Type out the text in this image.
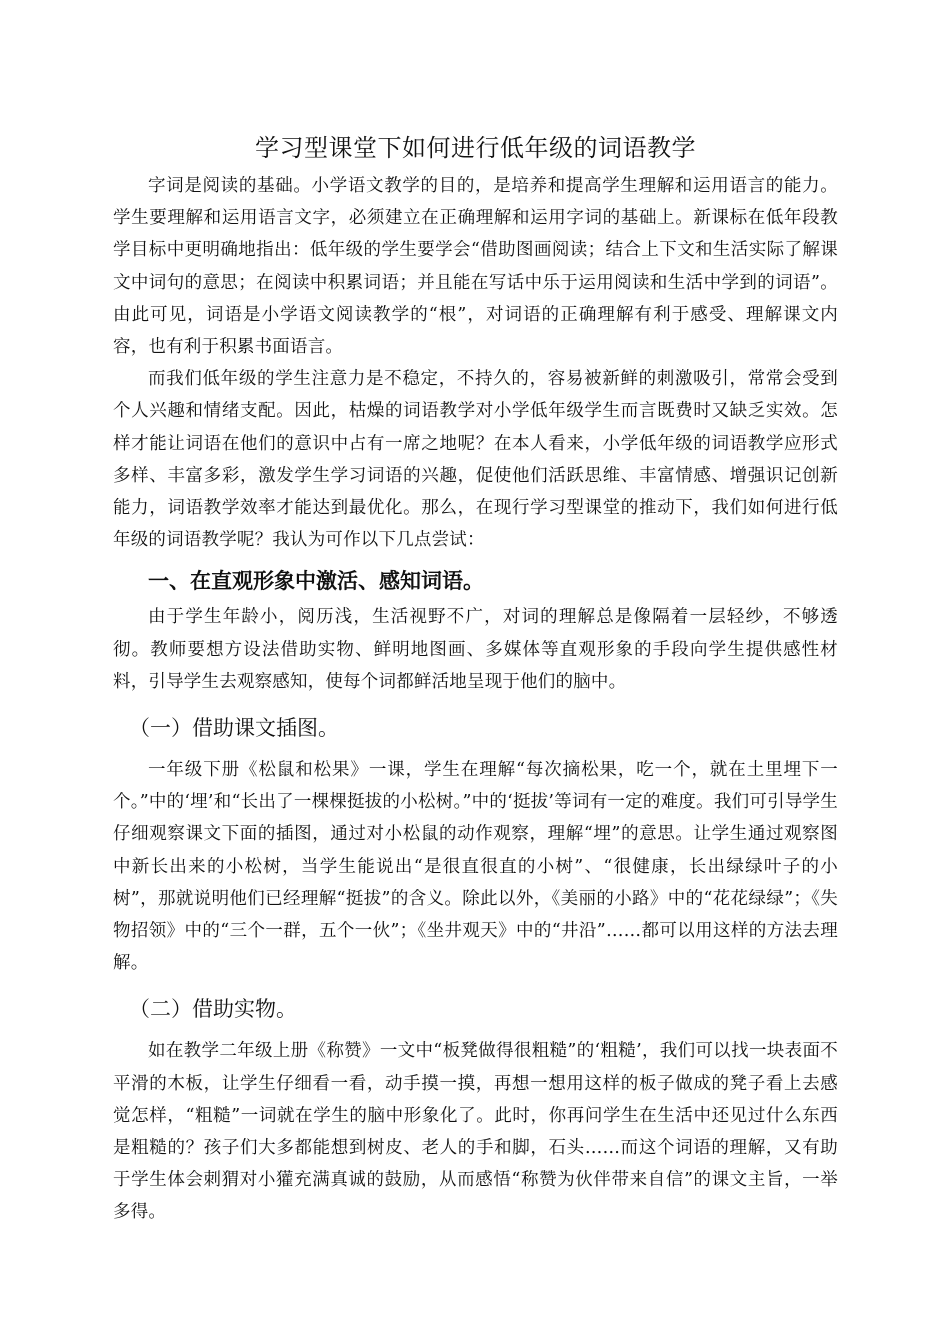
学习型课堂下如何进行低年级的词语教学

字词是阅读的基础。小学语文教学的目的，是培养和提高学生理解和运用语言的能力。学生要理解和运用语言文字，必须建立在正确理解和运用字词的基础上。新课标在低年段教学目标中更明确地指出：低年级的学生要学会“借助图画阅读；结合上下文和生活实际了解课文中词句的意思；在阅读中积累词语；并且能在写话中乐于运用阅读和生活中学到的词语”。由此可见，词语是小学语文阅读教学的“根”，对词语的正确理解有利于感受、理解课文内容，也有利于积累书面语言。

而我们低年级的学生注意力是不稳定，不持久的，容易被新鲜的刺激吸引，常常会受到个人兴趣和情绪支配。因此，枯燥的词语教学对小学低年级学生而言既费时又缺乏实效。怎样才能让词语在他们的意识中占有一席之地呢？在本人看来，小学低年级的词语教学应形式多样、丰富多彩，激发学生学习词语的兴趣，促使他们活跃思维、丰富情感、增强识记创新能力，词语教学效率才能达到最优化。那么，在现行学习型课堂的推动下，我们如何进行低年级的词语教学呢？我认为可作以下几点尝试：

一、在直观形象中激活、感知词语。

由于学生年龄小，阅历浅，生活视野不广，对词的理解总是像隔着一层轻纱，不够透彻。教师要想方设法借助实物、鲜明地图画、多媒体等直观形象的手段向学生提供感性材料，引导学生去观察感知，使每个词都鲜活地呈现于他们的脑中。

（一）借助课文插图。

一年级下册《松鼠和松果》一课，学生在理解“每次摘松果，吃一个，就在土里埋下一个。”中的‘埋’和“长出了一棵棵挺拔的小松树。”中的‘挺拔’等词有一定的难度。我们可引导学生仔细观察课文下面的插图，通过对小松鼠的动作观察，理解“埋”的意思。让学生通过观察图中新长出来的小松树，当学生能说出“是很直很直的小树”、“很健康，长出绿绿叶子的小树”，那就说明他们已经理解“挺拔”的含义。除此以外，《美丽的小路》中的“花花绿绿”；《失物招领》中的“三个一群，五个一伙”；《坐井观天》中的“井沿”……都可以用这样的方法去理解。

（二）借助实物。

如在教学二年级上册《称赞》一文中“板凳做得很粗糙”的‘粗糙’，我们可以找一块表面不平滑的木板，让学生仔细看一看，动手摸一摸，再想一想用这样的板子做成的凳子看上去感觉怎样，“粗糙”一词就在学生的脑中形象化了。此时，你再问学生在生活中还见过什么东西是粗糙的？孩子们大多都能想到树皮、老人的手和脚，石头……而这个词语的理解，又有助于学生体会刺猬对小獾充满真诚的鼓励，从而感悟“称赞为伙伴带来自信”的课文主旨，一举多得。
